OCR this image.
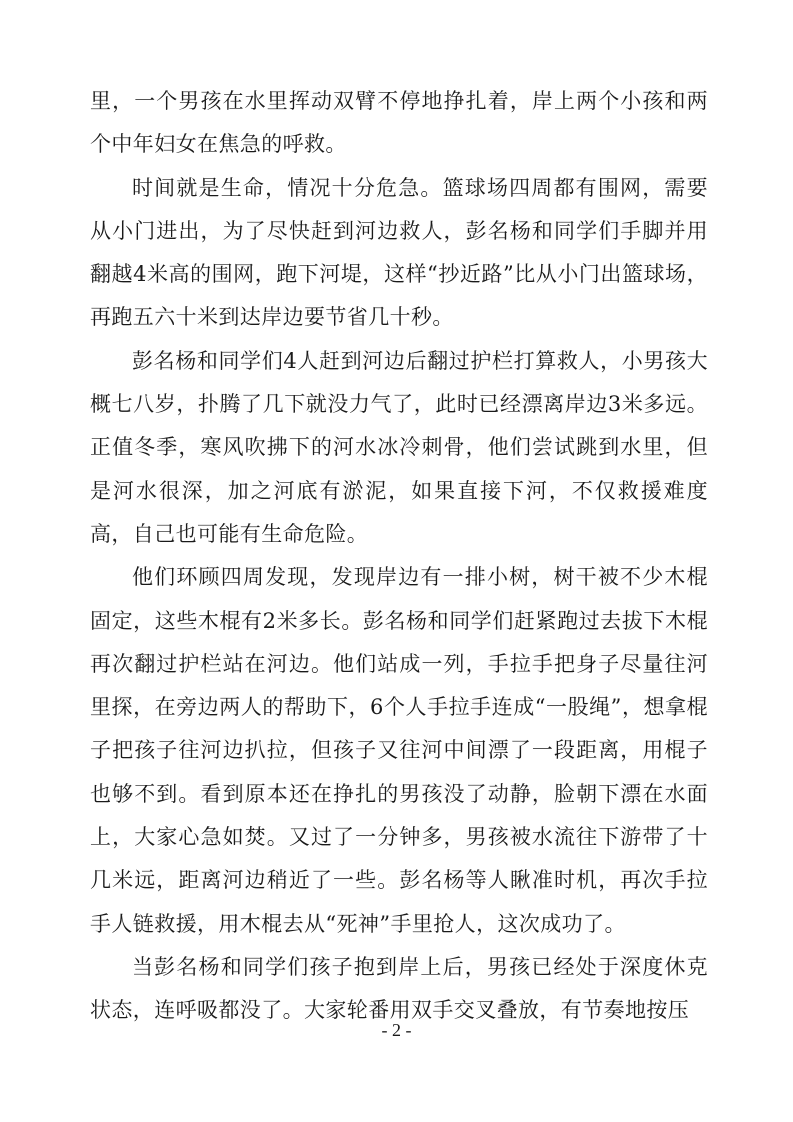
里，一个男孩在水里挥动双臂不停地挣扎着，岸上两个小孩和两个中年妇女在焦急的呼救。

时间就是生命，情况十分危急。篮球场四周都有围网，需要从小门进出，为了尽快赶到河边救人，彭名杨和同学们手脚并用翻越4米高的围网，跑下河堤，这样“抄近路”比从小门出篮球场，再跑五六十米到达岸边要节省几十秒。

彭名杨和同学们4人赶到河边后翻过护栏打算救人，小男孩大概七八岁，扑腾了几下就没力气了，此时已经漂离岸边3米多远。正值冬季，寒风吹拂下的河水冰冷刺骨，他们尝试跳到水里，但是河水很深，加之河底有淤泥，如果直接下河，不仅救援难度高，自己也可能有生命危险。

他们环顾四周发现，发现岸边有一排小树，树干被不少木棍固定，这些木棍有2米多长。彭名杨和同学们赶紧跑过去拔下木棍再次翻过护栏站在河边。他们站成一列，手拉手把身子尽量往河里探，在旁边两人的帮助下，6个人手拉手连成“一股绳”，想拿棍子把孩子往河边扒拉，但孩子又往河中间漂了一段距离，用棍子也够不到。看到原本还在挣扎的男孩没了动静，脸朝下漂在水面上，大家心急如焚。又过了一分钟多，男孩被水流往下游带了十几米远，距离河边稍近了一些。彭名杨等人瞅准时机，再次手拉手人链救援，用木棍去从“死神”手里抢人，这次成功了。

当彭名杨和同学们孩子抱到岸上后，男孩已经处于深度休克状态，连呼吸都没了。大家轮番用双手交叉叠放，有节奏地按压

- 2 -
